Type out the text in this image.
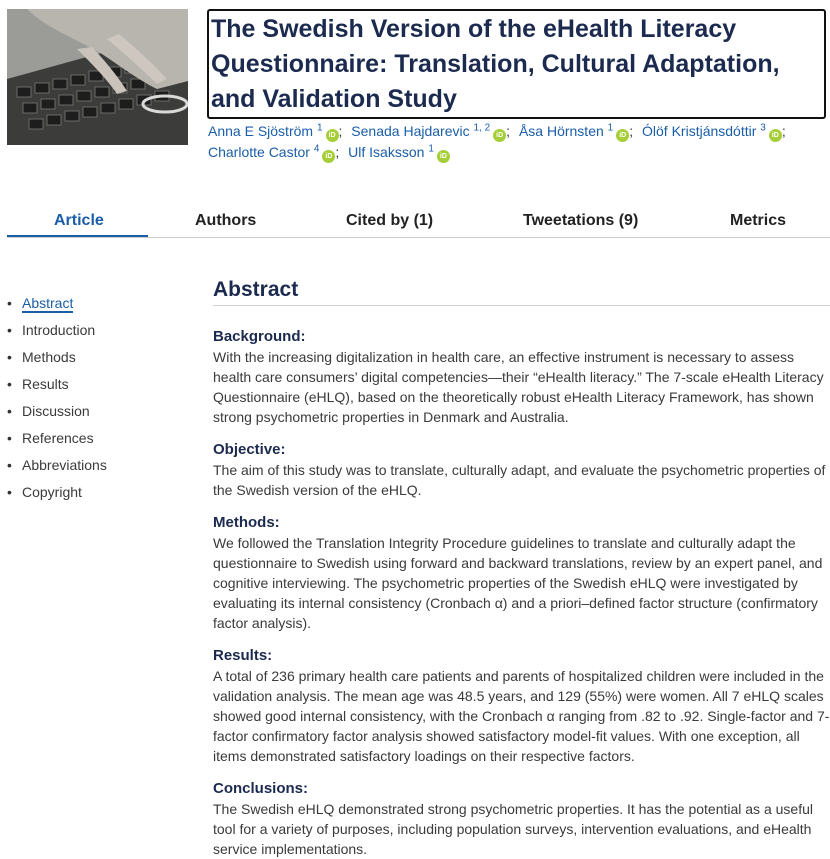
The Swedish Version of the eHealth Literacy Questionnaire: Translation, Cultural Adaptation, and Validation Study
Anna E Sjöström $^1$iD ; Senada Hajdarevic $^{1, 2}$iD ; Åsa Hörnsten $^1$iD ; Ólöf Kristjánsdóttir $^3$iD ; Charlotte Castor $^4$iD ; Ulf Isaksson $^1$iD
Article	Authors	Cited by (1)	Tweetations (9)	Metrics
• Abstract
• Introduction
• Methods
• Results
• Discussion
• References
• Abbreviations
• Copyright
Abstract
Background:

With the increasing digitalization in health care, an effective instrument is necessary to assess health care consumers’ digital competencies—their “eHealth literacy.” The 7-scale eHealth Literacy Questionnaire (eHLQ), based on the theoretically robust eHealth Literacy Framework, has shown strong psychometric properties in Denmark and Australia.

Objective:

The aim of this study was to translate, culturally adapt, and evaluate the psychometric properties of the Swedish version of the eHLQ.

Methods:

We followed the Translation Integrity Procedure guidelines to translate and culturally adapt the questionnaire to Swedish using forward and backward translations, review by an expert panel, and cognitive interviewing. The psychometric properties of the Swedish eHLQ were investigated by evaluating its internal consistency (Cronbach α) and a priori–defined factor structure (confirmatory factor analysis).

Results:

A total of 236 primary health care patients and parents of hospitalized children were included in the validation analysis. The mean age was 48.5 years, and 129 (55%) were women. All 7 eHLQ scales showed good internal consistency, with the Cronbach α ranging from .82 to .92. Single-factor and 7-factor confirmatory factor analysis showed satisfactory model-fit values. With one exception, all items demonstrated satisfactory loadings on their respective factors.

Conclusions:

The Swedish eHLQ demonstrated strong psychometric properties. It has the potential as a useful tool for a variety of purposes, including population surveys, intervention evaluations, and eHealth service implementations.
